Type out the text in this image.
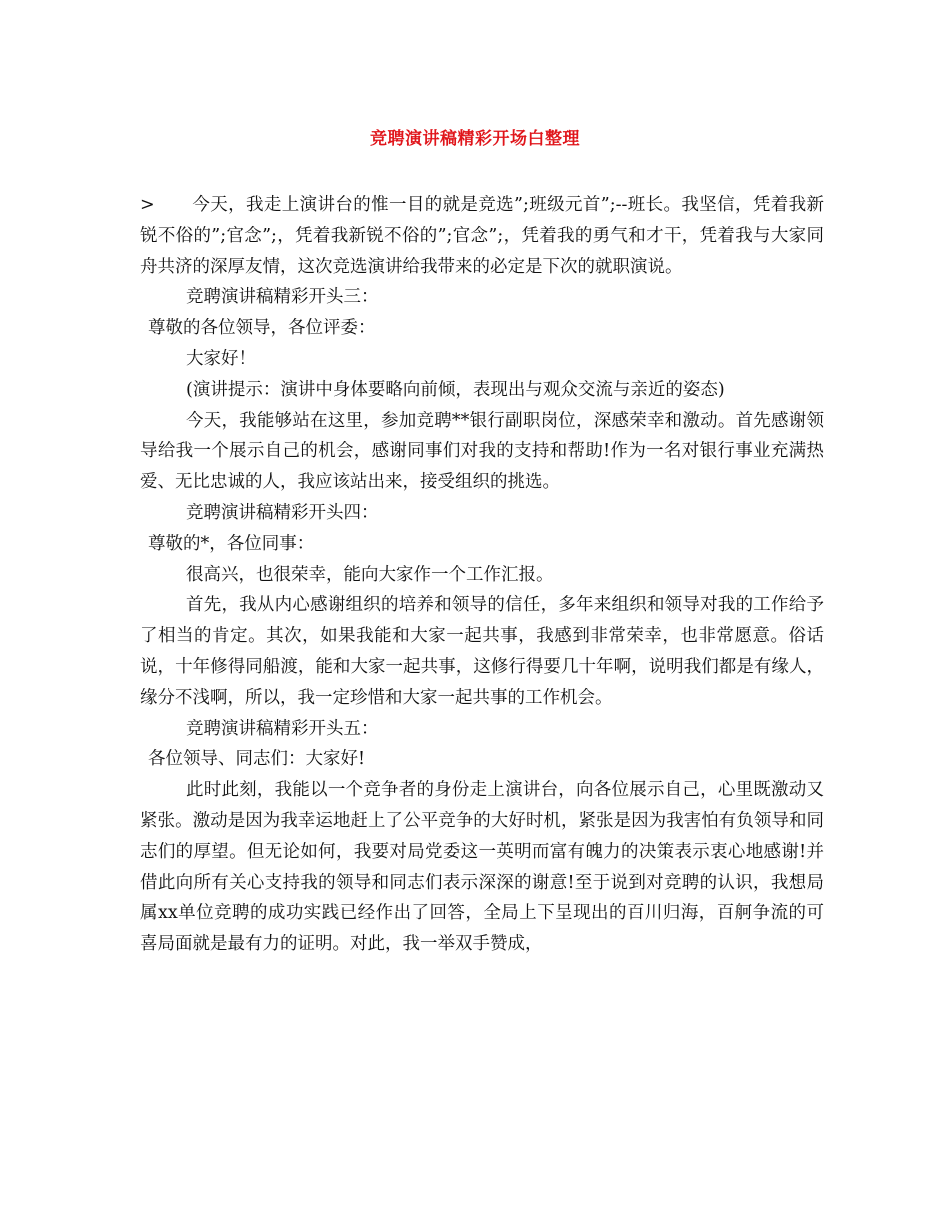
竞聘演讲稿精彩开场白整理

> 今天，我走上演讲台的惟一目的就是竞选”;班级元首”;--班长。我坚信，凭着我新锐不俗的”;官念”;，凭着我新锐不俗的”;官念”;，凭着我的勇气和才干，凭着我与大家同舟共济的深厚友情，这次竞选演讲给我带来的必定是下次的就职演说。

竞聘演讲稿精彩开头三：

尊敬的各位领导，各位评委：

大家好！

(演讲提示：演讲中身体要略向前倾，表现出与观众交流与亲近的姿态)

今天，我能够站在这里，参加竞聘**银行副职岗位，深感荣幸和激动。首先感谢领导给我一个展示自己的机会，感谢同事们对我的支持和帮助!作为一名对银行事业充满热爱、无比忠诚的人，我应该站出来，接受组织的挑选。

竞聘演讲稿精彩开头四：

尊敬的*，各位同事：

很高兴，也很荣幸，能向大家作一个工作汇报。

首先，我从内心感谢组织的培养和领导的信任，多年来组织和领导对我的工作给予了相当的肯定。其次，如果我能和大家一起共事，我感到非常荣幸，也非常愿意。俗话说，十年修得同船渡，能和大家一起共事，这修行得要几十年啊，说明我们都是有缘人，缘分不浅啊，所以，我一定珍惜和大家一起共事的工作机会。

竞聘演讲稿精彩开头五：

各位领导、同志们：大家好!

此时此刻，我能以一个竞争者的身份走上演讲台，向各位展示自己，心里既激动又紧张。激动是因为我幸运地赶上了公平竞争的大好时机，紧张是因为我害怕有负领导和同志们的厚望。但无论如何，我要对局党委这一英明而富有魄力的决策表示衷心地感谢!并借此向所有关心支持我的领导和同志们表示深深的谢意!至于说到对竞聘的认识，我想局属xx单位竞聘的成功实践已经作出了回答，全局上下呈现出的百川归海，百舸争流的可喜局面就是最有力的证明。对此，我一举双手赞成，
